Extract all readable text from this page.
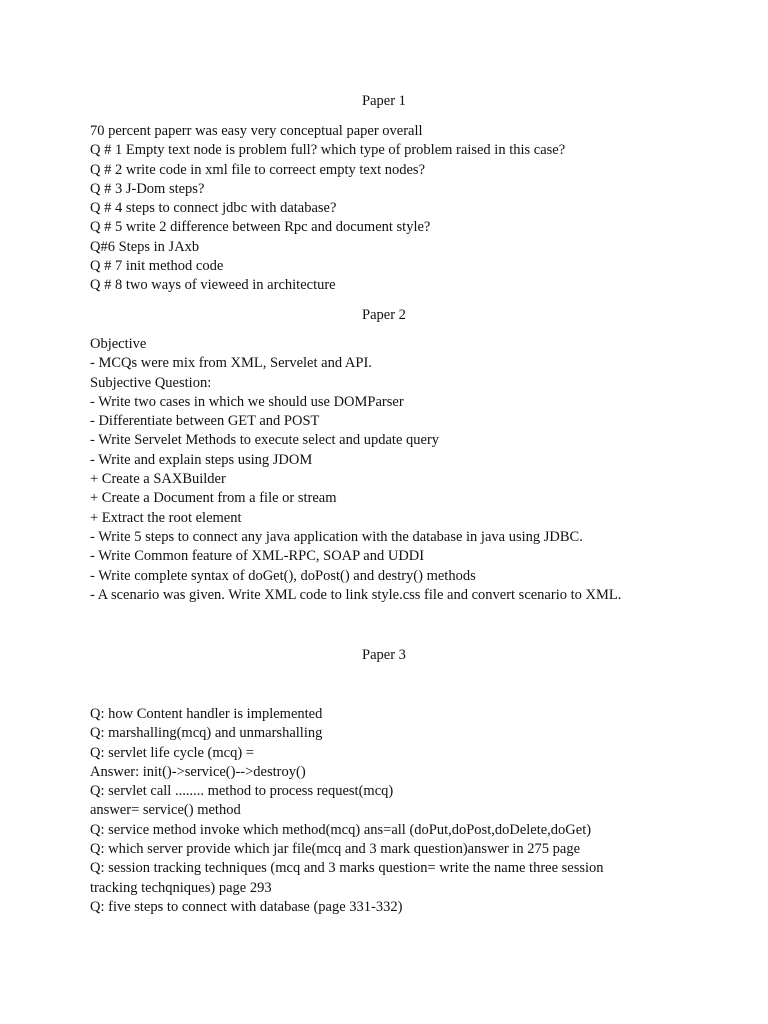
Paper 1
70 percent paperr was easy very conceptual paper overall
Q # 1 Empty text node is problem full? which type of problem raised in this case?
Q # 2 write code in xml file to correect empty text nodes?
Q # 3 J-Dom steps?
Q # 4 steps to connect jdbc with database?
Q # 5 write 2 difference between Rpc and document style?
Q#6 Steps in JAxb
Q # 7 init method code
Q # 8 two ways of vieweed in architecture
Paper 2
Objective
- MCQs were mix from XML, Servelet and API.
Subjective Question:
- Write two cases in which we should use DOMParser
- Differentiate between GET and POST
- Write Servelet Methods to execute select and update query
- Write and explain steps using JDOM
+ Create a SAXBuilder
+ Create a Document from a file or stream
+ Extract the root element
- Write 5 steps to connect any java application with the database in java using JDBC.
- Write Common feature of XML-RPC, SOAP and UDDI
- Write complete syntax of doGet(), doPost() and destry() methods
- A scenario was given. Write XML code to link style.css file and convert scenario to XML.
Paper 3
Q: how Content handler is implemented
Q: marshalling(mcq) and unmarshalling
Q: servlet life cycle (mcq) =
Answer: init()->service()-->destroy()
Q: servlet call ........ method to process request(mcq)
answer= service() method
Q: service method invoke which method(mcq) ans=all (doPut,doPost,doDelete,doGet)
Q: which server provide which jar file(mcq and 3 mark question)answer in 275 page
Q: session tracking techniques (mcq and 3 marks question= write the name three session tracking techqniques) page 293
Q: five steps to connect with database (page 331-332)
